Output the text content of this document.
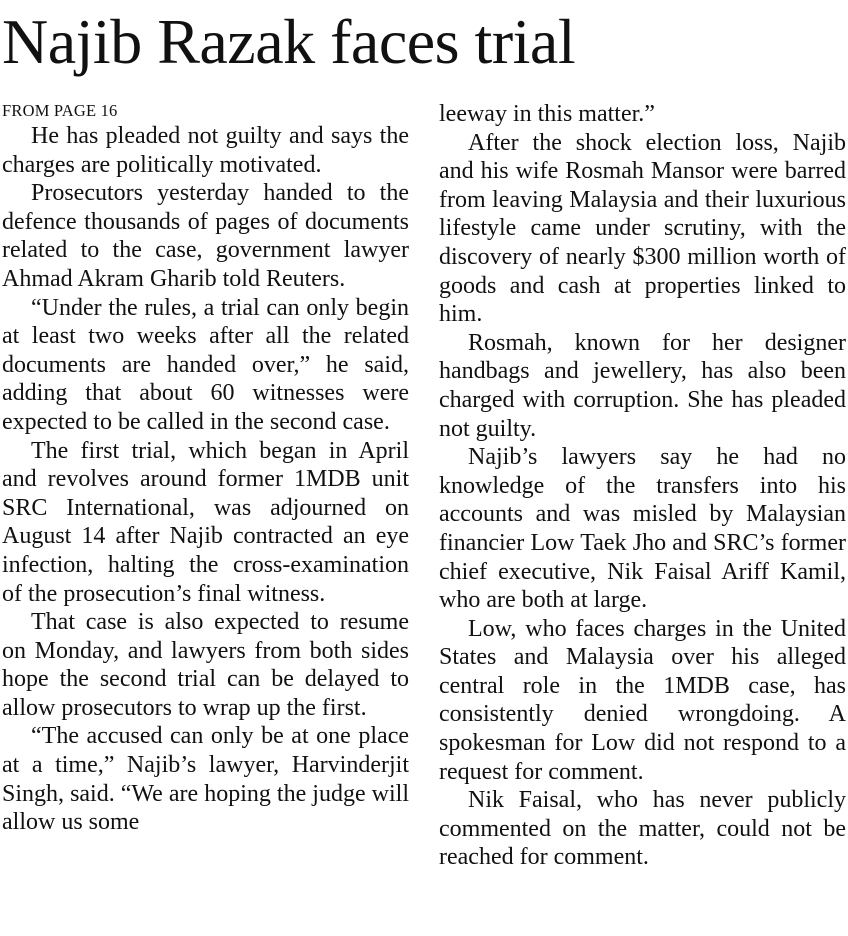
Najib Razak faces trial
FROM PAGE 16

He has pleaded not guilty and says the charges are politically motivated.

Prosecutors yesterday handed to the defence thousands of pages of documents related to the case, government lawyer Ahmad Akram Gharib told Reuters.

“Under the rules, a trial can only begin at least two weeks after all the related documents are handed over,” he said, adding that about 60 witnesses were expected to be called in the second case.

The first trial, which began in April and revolves around former 1MDB unit SRC International, was adjourned on August 14 after Najib contracted an eye infection, halting the cross-examination of the prosecution’s final witness.

That case is also expected to resume on Monday, and lawyers from both sides hope the second trial can be delayed to allow prosecutors to wrap up the first.

“The accused can only be at one place at a time,” Najib’s lawyer, Harvinderjit Singh, said. “We are hoping the judge will allow us some

leeway in this matter.”

After the shock election loss, Najib and his wife Rosmah Mansor were barred from leaving Malaysia and their luxurious lifestyle came under scrutiny, with the discovery of nearly $300 million worth of goods and cash at properties linked to him.

Rosmah, known for her designer handbags and jewellery, has also been charged with corruption. She has pleaded not guilty.

Najib’s lawyers say he had no knowledge of the transfers into his accounts and was misled by Malaysian financier Low Taek Jho and SRC’s former chief executive, Nik Faisal Ariff Kamil, who are both at large.

Low, who faces charges in the United States and Malaysia over his alleged central role in the 1MDB case, has consistently denied wrongdoing. A spokesman for Low did not respond to a request for comment.

Nik Faisal, who has never publicly commented on the matter, could not be reached for comment.
